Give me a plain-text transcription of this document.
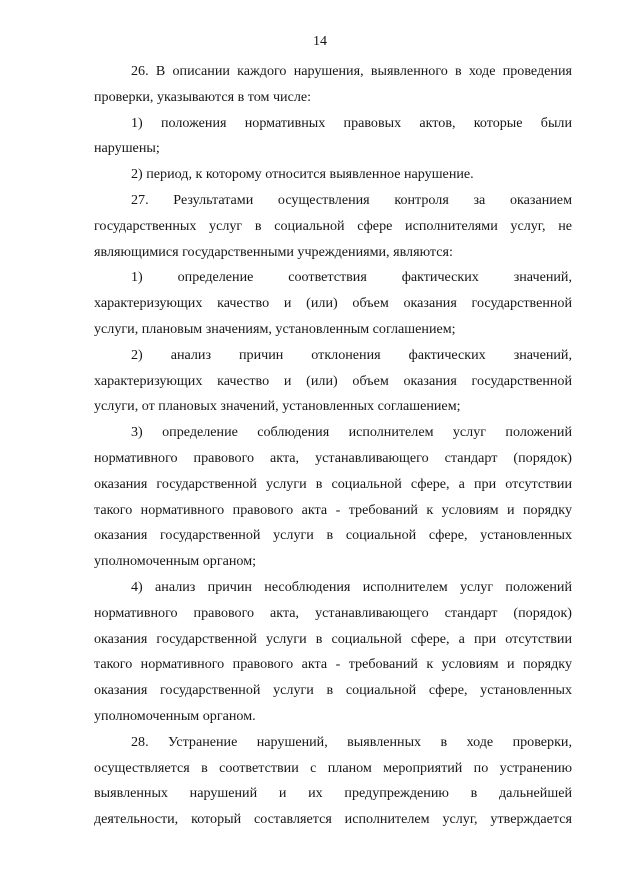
14

26. В описании каждого нарушения, выявленного в ходе проведения
проверки, указываются в том числе:

1) положения нормативных правовых актов, которые были
нарушены;

2) период, к которому относится выявленное нарушение.

27. Результатами осуществления контроля за оказанием
государственных услуг в социальной сфере исполнителями услуг, не
являющимися государственными учреждениями, являются:

1) определение соответствия фактических значений,
характеризующих качество и (или) объем оказания государственной
услуги, плановым значениям, установленным соглашением;

2) анализ причин отклонения фактических значений,
характеризующих качество и (или) объем оказания государственной
услуги, от плановых значений, установленных соглашением;

3) определение соблюдения исполнителем услуг положений
нормативного правового акта, устанавливающего стандарт (порядок)
оказания государственной услуги в социальной сфере, а при отсутствии
такого нормативного правового акта - требований к условиям и порядку
оказания государственной услуги в социальной сфере, установленных
уполномоченным органом;

4) анализ причин несоблюдения исполнителем услуг положений
нормативного правового акта, устанавливающего стандарт (порядок)
оказания государственной услуги в социальной сфере, а при отсутствии
такого нормативного правового акта - требований к условиям и порядку
оказания государственной услуги в социальной сфере, установленных
уполномоченным органом.

28. Устранение нарушений, выявленных в ходе проверки,
осуществляется в соответствии с планом мероприятий по устранению
выявленных нарушений и их предупреждению в дальнейшей
деятельности, который составляется исполнителем услуг, утверждается
